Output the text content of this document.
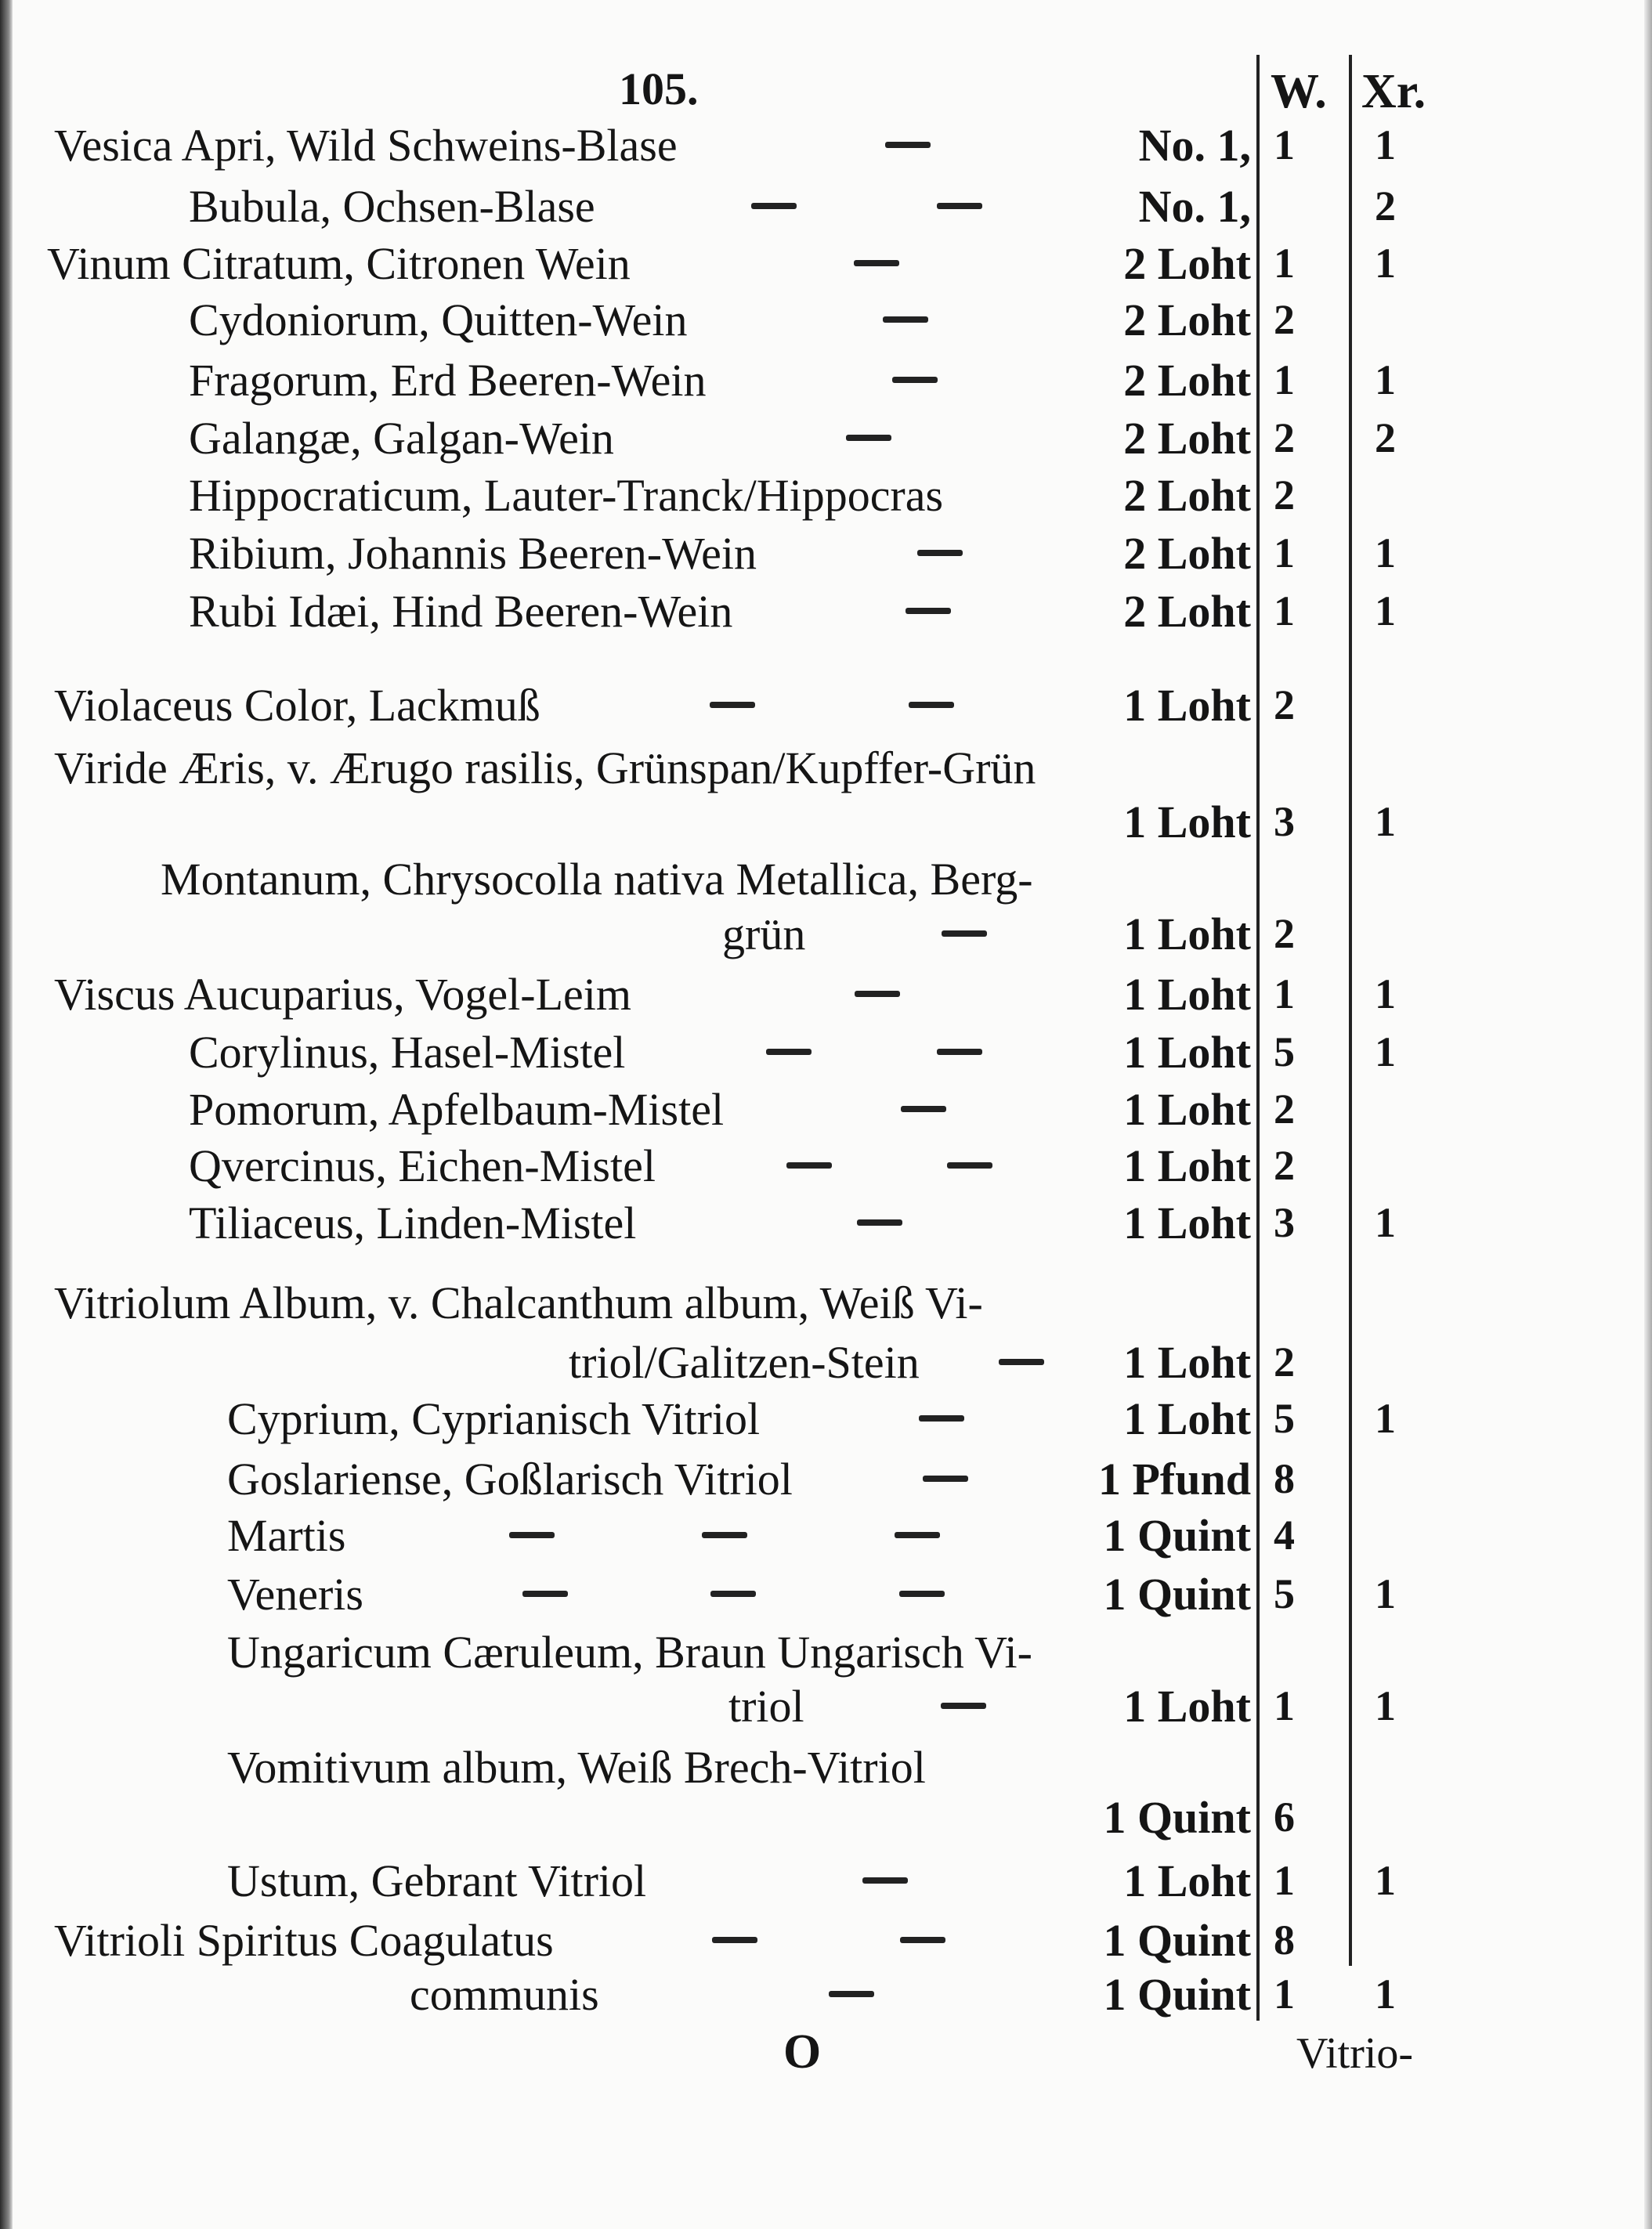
105.	W. Xr.
Vesica Apri, Wild Schweins-Blase	No. 1, 1 1
Bubula, Ochsen-Blase	No. 1,	2
Vinum Citratum, Citronen Wein	2 Loht 1 1
Cydoniorum, Quitten-Wein	2 Loht 2
Fragorum, Erd Beeren-Wein	2 Loht 1 1
Galangæ, Galgan-Wein	2 Loht 2 2
Hippocraticum, Lauter-Tranck/Hippocras	2 Loht 2
Ribium, Johannis Beeren-Wein	2 Loht 1 1
Rubi Idæi, Hind Beeren-Wein	2 Loht 1 1
Violaceus Color, Lackmuß	1 Loht 2
Viride Æris, v. Ærugo rasilis, Grünspan/Kupffer-Grün
1 Loht 3 1
Montanum, Chrysocolla nativa Metallica, Berg-
grün	1 Loht 2
Viscus Aucuparius, Vogel-Leim	1 Loht 1 1
Corylinus, Hasel-Mistel	1 Loht 5 1
Pomorum, Apfelbaum-Mistel	1 Loht 2
Qvercinus, Eichen-Mistel	1 Loht 2
Tiliaceus, Linden-Mistel	1 Loht 3 1
Vitriolum Album, v. Chalcanthum album, Weiß Vi-
triol/Galitzen-Stein	1 Loht 2
Cyprium, Cyprianisch Vitriol	1 Loht 5 1
Goslariense, Goßlarisch Vitriol	1 Pfund 8
Martis	1 Quint 4
Veneris	1 Quint 5 1
Ungaricum Cæruleum, Braun Ungarisch Vi-
triol	1 Loht 1 1
Vomitivum album, Weiß Brech-Vitriol
1 Quint 6
Ustum, Gebrant Vitriol	1 Loht 1 1
Vitrioli Spiritus Coagulatus	1 Quint 8
communis	1 Quint 1 1
O	Vitrio-
